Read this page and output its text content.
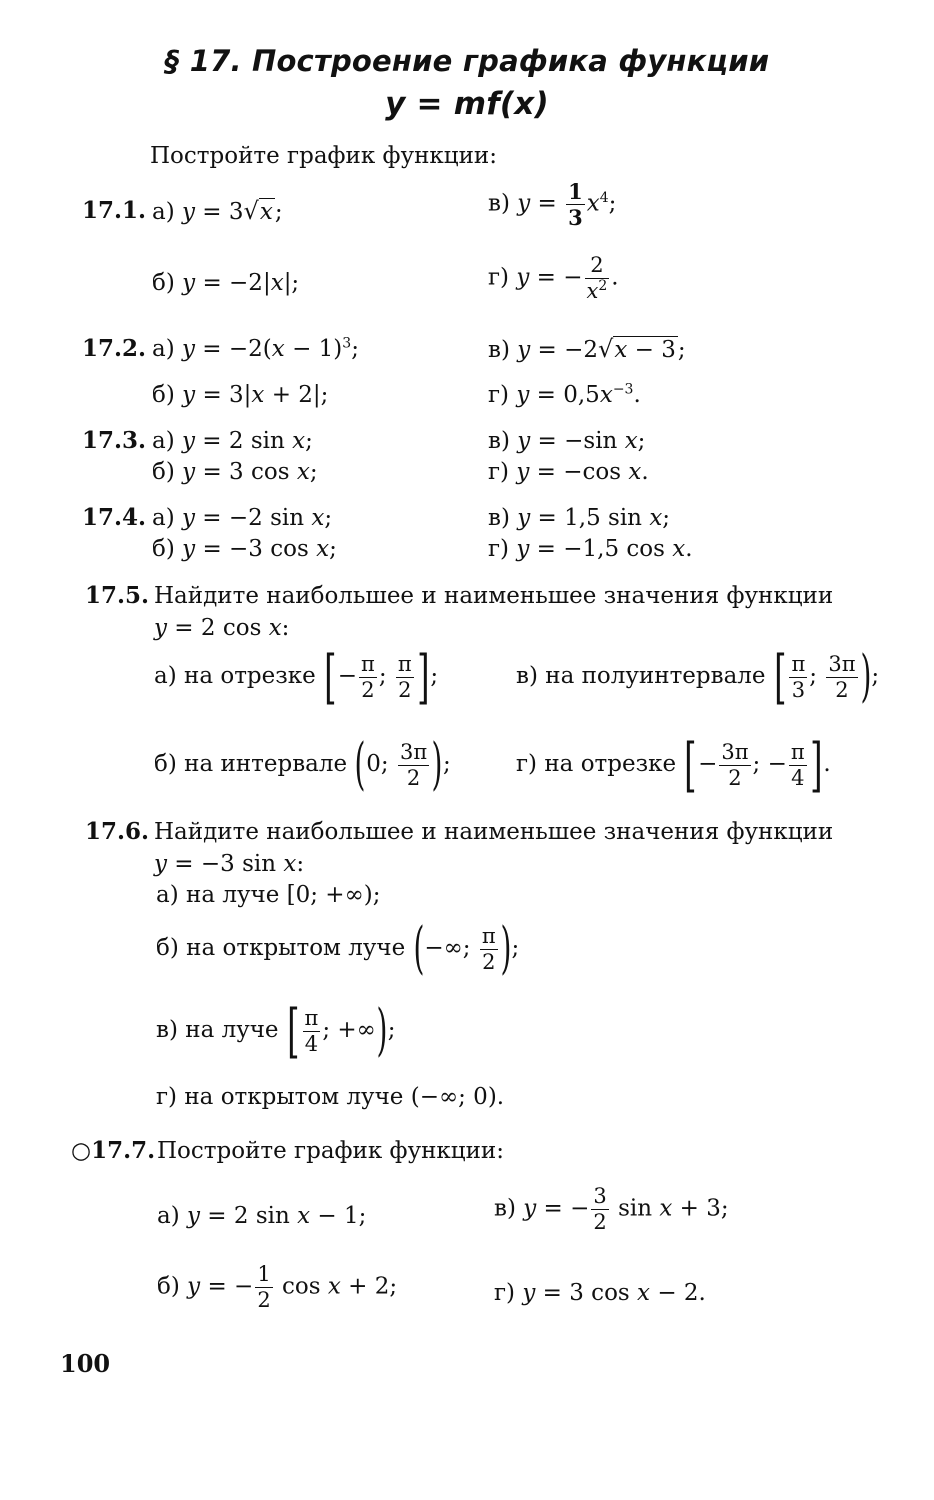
§ 17. Построение графика функции
y = mf(x)
Постройте график функции:
17.1. а) y = 3√x;	в) $y = \frac{1}{3} x^4$;
б) y = −2|x|;	г) y = − $\frac{2}{x^2}$ .
17.2. а) $y = -2(x - 1)^3$;	в) y = −2√x − 3;
б) y = 3|x + 2|;	г) $y = 0,5x^{-3}$.
17.3. а) y = 2 sin x;	в) y = −sin x;
б) y = 3 cos x;	г) y = −cos x.
17.4. а) y = −2 sin x;	в) y = 1,5 sin x;
б) y = −3 cos x;	г) y = −1,5 cos x.
17.5. Найдите наибольшее и наименьшее значения функции
y = 2 cos x:
а) на отрезке [− $\frac{\pi}{2}$ ; $\frac{\pi}{2}$ ];	в) на полуинтервале [ $\frac{\pi}{3}$ ; $\frac{3\pi}{2}$ );
б) на интервале (0; $\frac{3\pi}{2}$ );	г) на отрезке [− $\frac{3\pi}{2}$ ; − $\frac{\pi}{4}$ ].
17.6. Найдите наибольшее и наименьшее значения функции
y = −3 sin x:
а) на луче [0; +∞);
б) на открытом луче (−∞; $\frac{\pi}{2}$ );
в) на луче [ $\frac{\pi}{4}$ ; +∞);
г) на открытом луче (−∞; 0).
○17.7. Постройте график функции:
а) y = 2 sin x − 1;	в) y = − $\frac{3}{2}$ sin x + 3;
б) y = − $\frac{1}{2}$ cos x + 2;	г) y = 3 cos x − 2.
100
